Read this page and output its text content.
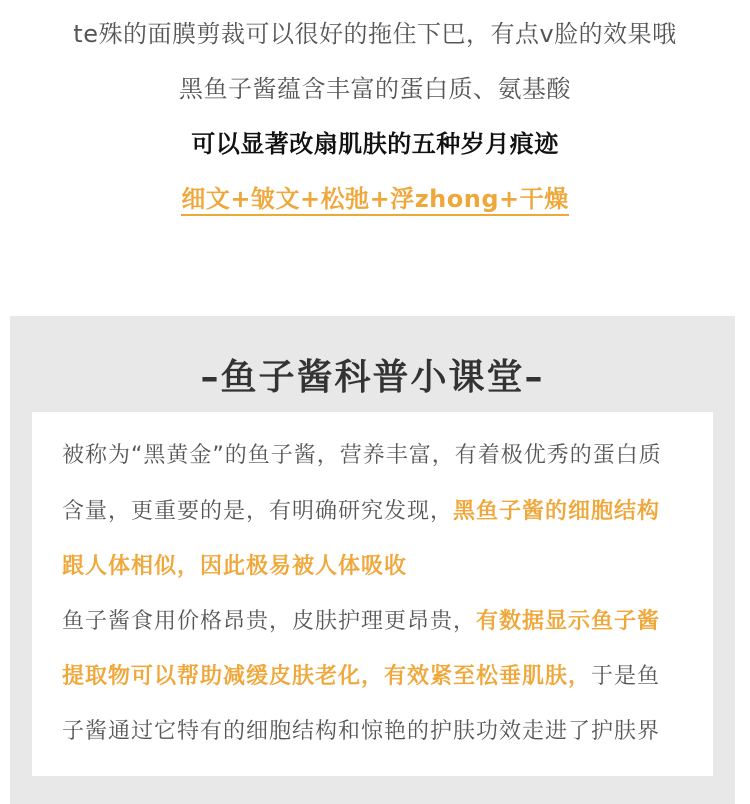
te殊的面膜剪裁可以很好的拖住下巴，有点v脸的效果哦
黑鱼子酱蕴含丰富的蛋白质、氨基酸
可以显著改扇肌肤的五种岁月痕迹
细文+皱文+松弛+浮zhong+干燥
–鱼子酱科普小课堂–
被称为“黑黄金”的鱼子酱，营养丰富，有着极优秀的蛋白质
含量，更重要的是，有明确研究发现，黑鱼子酱的细胞结构
跟人体相似，因此极易被人体吸收
鱼子酱食用价格昂贵，皮肤护理更昂贵，有数据显示鱼子酱
提取物可以帮助减缓皮肤老化，有效紧至松垂肌肤，于是鱼
子酱通过它特有的细胞结构和惊艳的护肤功效走进了护肤界
